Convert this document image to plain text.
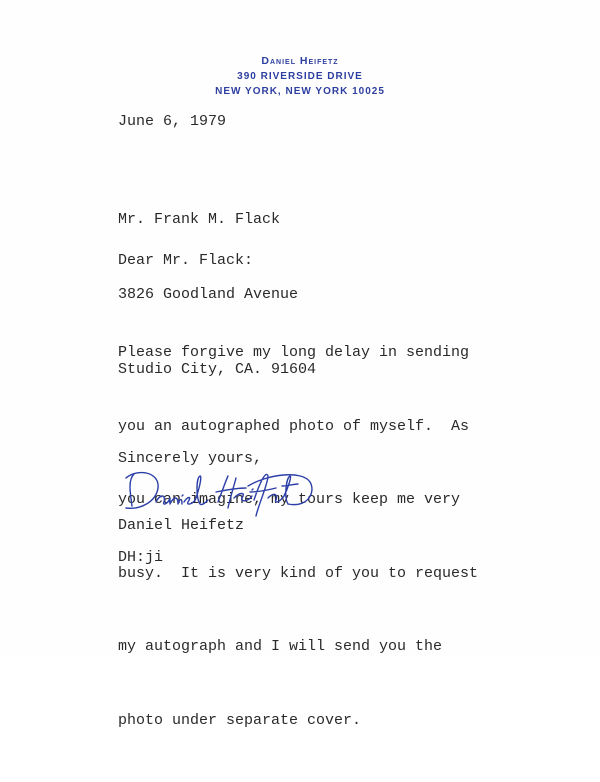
Daniel Heifetz
390 RIVERSIDE DRIVE
NEW YORK, NEW YORK 10025
June 6, 1979

Mr. Frank M. Flack

3826 Goodland Avenue

Studio City, CA. 91604

Dear Mr. Flack:

Please forgive my long delay in sending

you an autographed photo of myself.  As

you can imagine, my tours keep me very

busy.  It is very kind of you to request

my autograph and I will send you the

photo under separate cover.

Sincerely yours,
Daniel Heifetz
DH:ji
